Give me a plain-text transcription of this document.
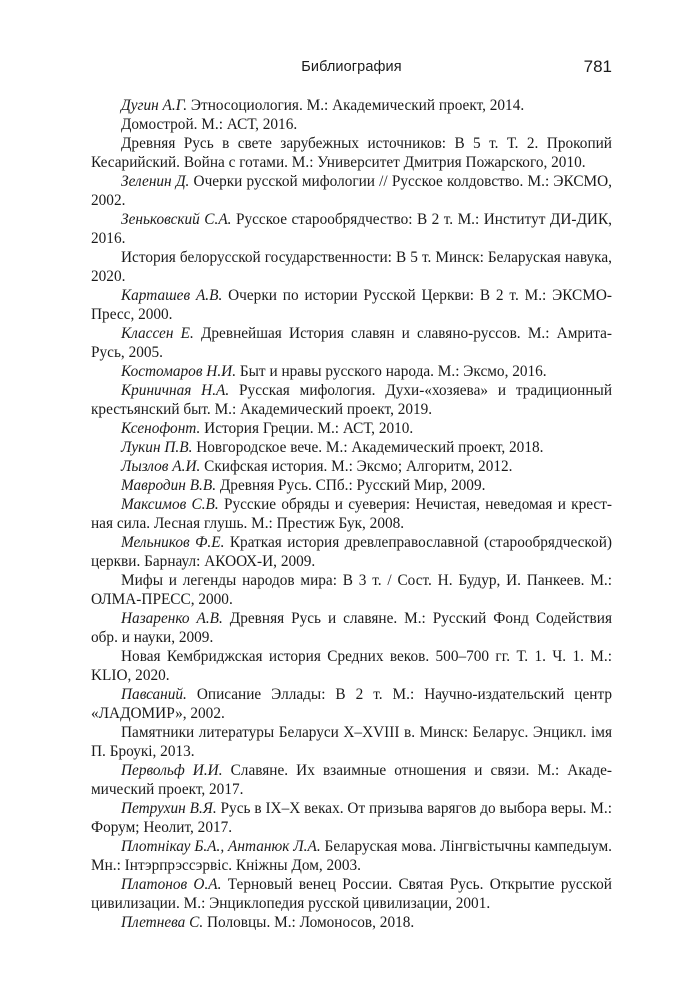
Библиография	781
Дугин А.Г. Этносоциология. М.: Академический проект, 2014.
Домострой. М.: АСТ, 2016.
Древняя Русь в свете зарубежных источников: В 5 т. Т. 2. Прокопий Кесарийский. Война с готами. М.: Университет Дмитрия Пожарского, 2010.
Зеленин Д. Очерки русской мифологии // Русское колдовство. М.: ЭКСМО, 2002.
Зеньковский С.А. Русское старообрядчество: В 2 т. М.: Институт ДИ-ДИК, 2016.
История белорусской государственности: В 5 т. Минск: Беларуская навука, 2020.
Карташев А.В. Очерки по истории Русской Церкви: В 2 т. М.: ЭКСМО-Пресс, 2000.
Классен Е. Древнейшая История славян и славяно-руссов. М.: Амрита-Русь, 2005.
Костомаров Н.И. Быт и нравы русского народа. М.: Эксмо, 2016.
Криничная Н.А. Русская мифология. Духи-«хозяева» и традиционный крестьянский быт. М.: Академический проект, 2019.
Ксенофонт. История Греции. М.: АСТ, 2010.
Лукин П.В. Новгородское вече. М.: Академический проект, 2018.
Лызлов А.И. Скифская история. М.: Эксмо; Алгоритм, 2012.
Мавродин В.В. Древняя Русь. СПб.: Русский Мир, 2009.
Максимов С.В. Русские обряды и суеверия: Нечистая, неведомая и крестная сила. Лесная глушь. М.: Престиж Бук, 2008.
Мельников Ф.Е. Краткая история древлеправославной (старообрядческой) церкви. Барнаул: АКООХ-И, 2009.
Мифы и легенды народов мира: В 3 т. / Сост. Н. Будур, И. Панкеев. М.: ОЛМА-ПРЕСС, 2000.
Назаренко А.В. Древняя Русь и славяне. М.: Русский Фонд Содействия обр. и науки, 2009.
Новая Кембриджская история Средних веков. 500–700 гг. Т. 1. Ч. 1. М.: KLIO, 2020.
Павсаний. Описание Эллады: В 2 т. М.: Научно-издательский центр «ЛАДОМИР», 2002.
Памятники литературы Беларуси X–XVIII в. Минск: Беларус. Энцикл. імя П. Броукі, 2013.
Первольф И.И. Славяне. Их взаимные отношения и связи. М.: Академический проект, 2017.
Петрухин В.Я. Русь в IX–X веках. От призыва варягов до выбора веры. М.: Форум; Неолит, 2017.
Плотнікау Б.А., Антанюк Л.А. Беларуская мова. Лінгвістычны кампедыум. Мн.: Інтэрпрэссэрвіс. Кніжны Дом, 2003.
Платонов О.А. Терновый венец России. Святая Русь. Открытие русской цивилизации. М.: Энциклопедия русской цивилизации, 2001.
Плетнева С. Половцы. М.: Ломоносов, 2018.
